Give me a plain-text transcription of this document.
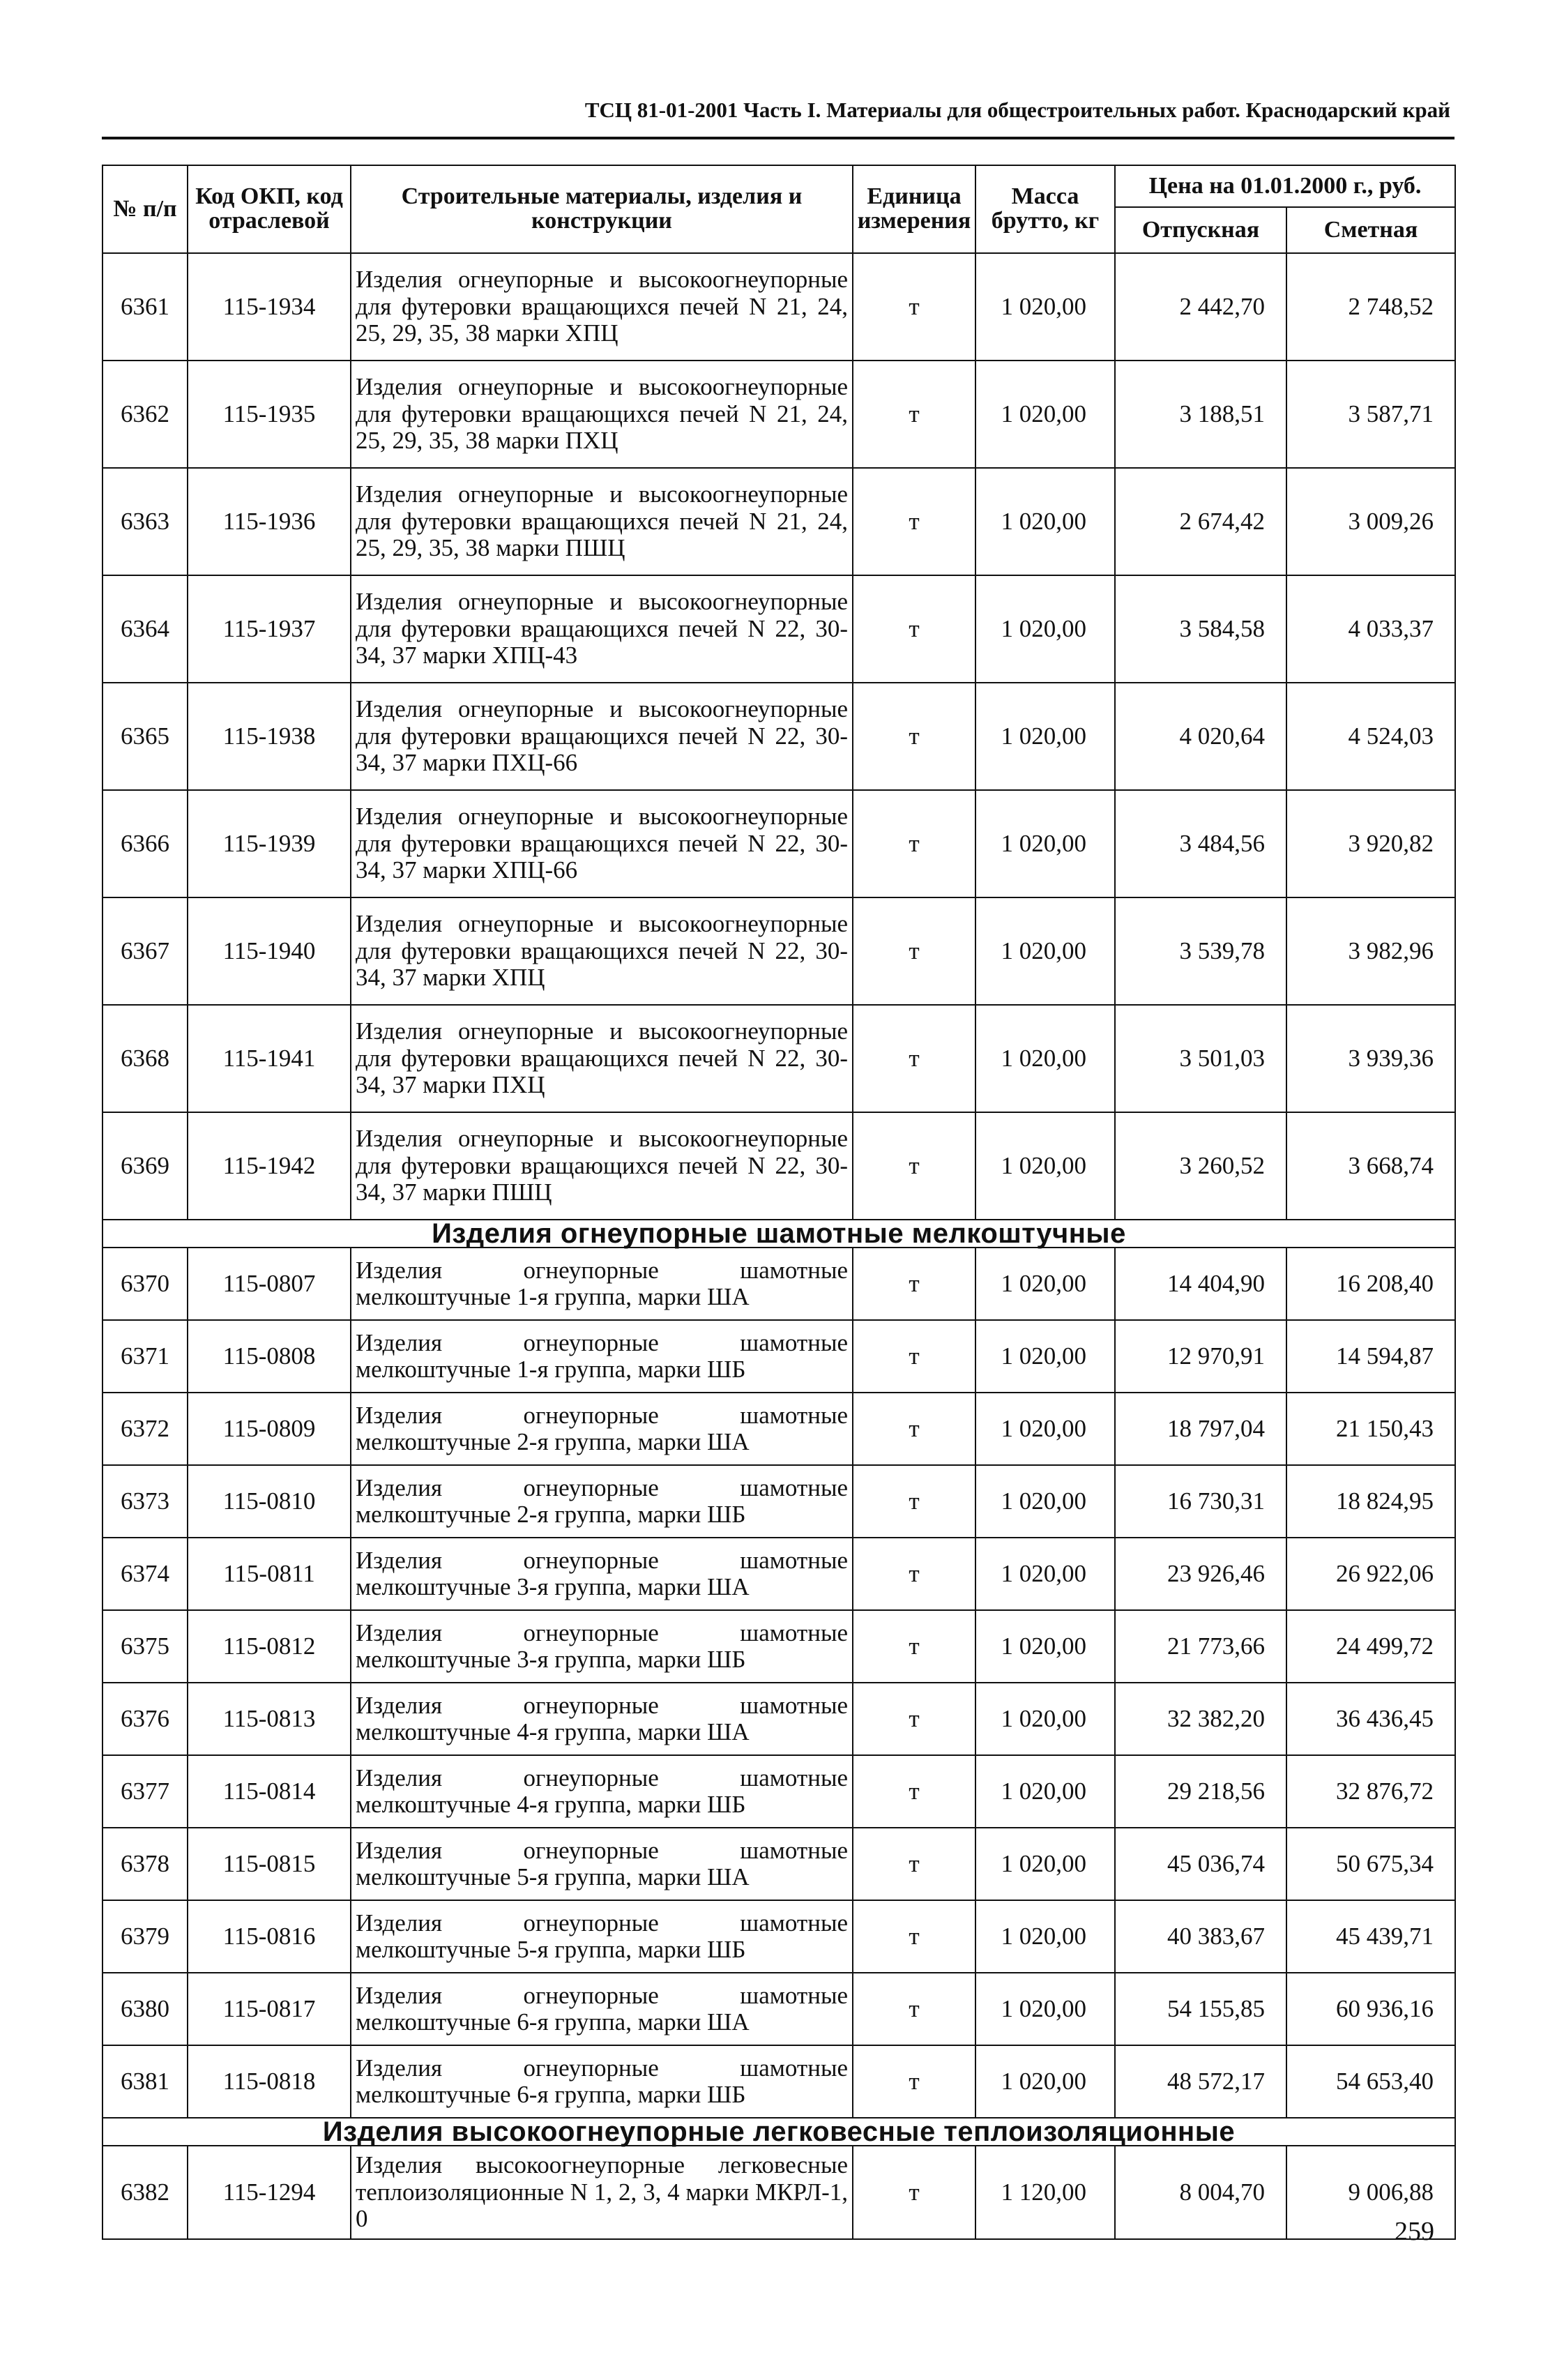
ТСЦ 81-01-2001 Часть I. Материалы для общестроительных работ. Краснодарский край
№ п/п	Код ОКП, код отраслевой	Строительные материалы, изделия и конструкции	Единица измерения	Масса брутто, кг	Цена на 01.01.2000 г., руб.	
					Отпускная	Сметная
6361	115-1934	Изделия огнеупорные и высокоогнеупорные для футеровки вращающихся печей N 21, 24, 25, 29, 35, 38 марки ХПЦ	т	1 020,00	2 442,70	2 748,52
6362	115-1935	Изделия огнеупорные и высокоогнеупорные для футеровки вращающихся печей N 21, 24, 25, 29, 35, 38 марки ПХЦ	т	1 020,00	3 188,51	3 587,71
6363	115-1936	Изделия огнеупорные и высокоогнеупорные для футеровки вращающихся печей N 21, 24, 25, 29, 35, 38 марки ПШЦ	т	1 020,00	2 674,42	3 009,26
6364	115-1937	Изделия огнеупорные и высокоогнеупорные для футеровки вращающихся печей N 22, 30-34, 37 марки ХПЦ-43	т	1 020,00	3 584,58	4 033,37
6365	115-1938	Изделия огнеупорные и высокоогнеупорные для футеровки вращающихся печей N 22, 30-34, 37 марки ПХЦ-66	т	1 020,00	4 020,64	4 524,03
6366	115-1939	Изделия огнеупорные и высокоогнеупорные для футеровки вращающихся печей N 22, 30-34, 37 марки ХПЦ-66	т	1 020,00	3 484,56	3 920,82
6367	115-1940	Изделия огнеупорные и высокоогнеупорные для футеровки вращающихся печей N 22, 30-34, 37 марки ХПЦ	т	1 020,00	3 539,78	3 982,96
6368	115-1941	Изделия огнеупорные и высокоогнеупорные для футеровки вращающихся печей N 22, 30-34, 37 марки ПХЦ	т	1 020,00	3 501,03	3 939,36
6369	115-1942	Изделия огнеупорные и высокоогнеупорные для футеровки вращающихся печей N 22, 30-34, 37 марки ПШЦ	т	1 020,00	3 260,52	3 668,74
Изделия огнеупорные шамотные мелкоштучные						
6370	115-0807	Изделия огнеупорные шамотные мелкоштучные 1-я группа, марки ША	т	1 020,00	14 404,90	16 208,40
6371	115-0808	Изделия огнеупорные шамотные мелкоштучные 1-я группа, марки ШБ	т	1 020,00	12 970,91	14 594,87
6372	115-0809	Изделия огнеупорные шамотные мелкоштучные 2-я группа, марки ША	т	1 020,00	18 797,04	21 150,43
6373	115-0810	Изделия огнеупорные шамотные мелкоштучные 2-я группа, марки ШБ	т	1 020,00	16 730,31	18 824,95
6374	115-0811	Изделия огнеупорные шамотные мелкоштучные 3-я группа, марки ША	т	1 020,00	23 926,46	26 922,06
6375	115-0812	Изделия огнеупорные шамотные мелкоштучные 3-я группа, марки ШБ	т	1 020,00	21 773,66	24 499,72
6376	115-0813	Изделия огнеупорные шамотные мелкоштучные 4-я группа, марки ША	т	1 020,00	32 382,20	36 436,45
6377	115-0814	Изделия огнеупорные шамотные мелкоштучные 4-я группа, марки ШБ	т	1 020,00	29 218,56	32 876,72
6378	115-0815	Изделия огнеупорные шамотные мелкоштучные 5-я группа, марки ША	т	1 020,00	45 036,74	50 675,34
6379	115-0816	Изделия огнеупорные шамотные мелкоштучные 5-я группа, марки ШБ	т	1 020,00	40 383,67	45 439,71
6380	115-0817	Изделия огнеупорные шамотные мелкоштучные 6-я группа, марки ША	т	1 020,00	54 155,85	60 936,16
6381	115-0818	Изделия огнеупорные шамотные мелкоштучные 6-я группа, марки ШБ	т	1 020,00	48 572,17	54 653,40
Изделия высокоогнеупорные легковесные теплоизоляционные						
6382	115-1294	Изделия высокоогнеупорные легковесные теплоизоляционные N 1, 2, 3, 4 марки МКРЛ-1, 0	т	1 120,00	8 004,70	9 006,88
259
